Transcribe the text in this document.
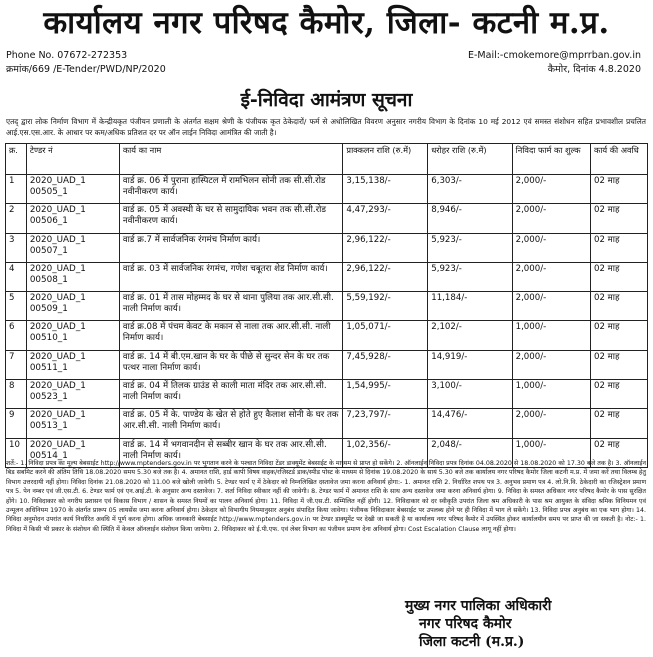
कार्यालय नगर परिषद कैमोर, जिला- कटनी म.प्र.
Phone No. 07672-272353	E-Mail:-cmokemore@mprrban.gov.in
क्रमांक/669 /E-Tender/PWD/NP/2020	कैमोर, दिनांक 4.8.2020
ई-निविदा आमंत्रण सूचना
एतद् द्वारा लोक निर्माण विभाग में केन्द्रीयकृत पंजीयन प्रणाली के अंतर्गत सक्षम श्रेणी के पंजीयक कृत ठेकेदारों/ फर्म से अधोलिखित विवरण अनुसार नगरीय विभाग के दिनांक 10 मई 2012 एवं समस्त संशोधन सहित प्रभावशील प्रचलित आई.एस.एस.आर. के आधार पर कम/अधिक प्रतिशत दर पर ऑन लाईन निविदा आमंत्रित की जाती है।
क्र.	टेण्डर नं	कार्य का नाम	प्राक्कलन राशि (रु.में)	धरोहर राशि (रु.में)	निविदा फार्म का शुल्क	कार्य की अवधि
1	2020_UAD_1 00505_1	वार्ड क्र. 06 में पुराना हास्पिटल में रामभिलन सोनी तक सी.सी.रोड नवीनीकरण कार्य।	3,15,138/-	6,303/-	2,000/-	02 माह
2	2020_UAD_1 00506_1	वार्ड क्र. 05 में अवस्थी के घर से सामुदायिक भवन तक सी.सी.रोड नवीनीकरण कार्य।	4,47,293/-	8,946/-	2,000/-	02 माह
3	2020_UAD_1 00507_1	वार्ड क्र.7 में सार्वजनिक रंगमंच निर्माण कार्य।	2,96,122/-	5,923/-	2,000/-	02 माह
4	2020_UAD_1 00508_1	वार्ड क्र. 03 में सार्वजनिक रंगमंच, गणेश चबूतरा शेड निर्माण कार्य।	2,96,122/-	5,923/-	2,000/-	02 माह
5	2020_UAD_1 00509_1	वार्ड क्र. 01 में तास मोहम्मद के घर से थाना पुलिया तक आर.सी.सी. नाली निर्माण कार्य।	5,59,192/-	11,184/-	2,000/-	02 माह
6	2020_UAD_1 00510_1	वार्ड क्र.08 में पंचम केवट के मकान से नाला तक आर.सी.सी. नाली निर्माण कार्य।	1,05,071/-	2,102/-	1,000/-	02 माह
7	2020_UAD_1 00511_1	वार्ड क्र. 14 में बी.एम.खान के घर के पीछे से सुन्दर सेन के घर तक पत्थर नाला निर्माण कार्य।	7,45,928/-	14,919/-	2,000/-	02 माह
8	2020_UAD_1 00523_1	वार्ड क्र. 04 में तिलक ग्राउंड से काली माता मंदिर तक आर.सी.सी. नाली निर्माण कार्य।	1,54,995/-	3,100/-	1,000/-	02 माह
9	2020_UAD_1 00513_1	वार्ड क्र. 05 में के. पाण्डेय के खेत से होते हुए कैलाश सोनी के घर तक आर.सी.सी. नाली निर्माण कार्य।	7,23,797/-	14,476/-	2,000/-	02 माह
10	2020_UAD_1 00514_1	वार्ड क्र. 14 में भगवानदीन से सब्बीर खान के घर तक आर.सी.सी. नाली निर्माण कार्य।	1,02,356/-	2,048/-	1,000/-	02 माह
शर्ते:- 1. निविदा प्रपत्र का मूल्य बेबसाईट http://www.mptenders.gov.in पर भुगतान करने के पश्चात निविदा टेंडर डाक्यूमेंट बेबसाईट के माध्यम से प्राप्त हो सकेंगे। 2. ऑनलाईन निविदा प्रपत्र दिनांक 04.08.2020 से 18.08.2020 को 17.30 बजे तक है। 3. ऑनलाईन बिड सबमिट करने की अंतिम तिथि 18.08.2020 समय 5.30 बजे तक है। 4. अमानत राशि, हार्ड कापी विषय वाहक/रजिस्टर्ड डाक/स्पीड पोस्ट के माध्यम से दिनांक 19.08.2020 के सायं 5.30 बजे तक कार्यालय नगर परिषद कैमोर जिला कटनी म.प्र. में जमा करें तथा विलम्ब हेतु विभाग उत्तरदायी नहीं होगा। निविदा दिनांक 21.08.2020 को 11.00 बजे खोली जावेगी। 5. टेण्डर फार्म ए में ठेकेदार को निम्नलिखित दस्तावेज जमा करना अनिवार्य होगा:- 1. अमानत राशि 2. निर्धारित शपथ पत्र 3. अनुभव प्रमाण पत्र 4. लो.नि.वि. ठेकेदारी का रजिस्ट्रेशन प्रमाण पत्र 5. पेन नम्बर एवं जी.एस.टी. 6. टेण्डर फार्म एवं एन.आई.टी. के अनुसार अन्य दस्तावेज। 7. शर्ता निविदा स्वीकार नहीं की जावेगी। 8. टेण्डर फार्म में अमानत राशि के साथ अन्य दस्तावेज जमा करना अनिवार्य होगा। 9. निविदा के समस्त अधिकार नगर परिषद कैमोर के पास सुरक्षित होंगे। 10. निविदाकार को नगरीय प्रशासन एवं विकास विभाग / शासन के समस्त नियमों का पालन अनिवार्य होगा। 11. निविदा में जी.एस.टी. सम्मिलित नहीं होगी। 12. निविदाकार को दर स्वीकृति उपरांत जिला श्रम अधिकारी के पास श्रम आयुक्त के संविदा श्रमिक विनियमन एवं उन्मूलन अधिनियम 1970 के अंतर्गत प्रारूप 05 लायसेंस जमा करना अनिवार्य होगा। ठेकेदार को विभागीय नियमानुसार अनुबंध संपादित किया जावेगा। पंजीयक निविदाकार बेबसाईट पर उपलब्ध होने पर ही निविदा में भाग ले सकेंगे। 13. निविदा प्रपत्र अनुबंध का एक भाग होगा। 14. निविदा अनुमोदन उपरांत कार्य निर्धारित अवधि में पूर्ण करना होगा। अधिक जानकारी बेबसाईट http://www.mptenders.gov.in पर टेण्डर डाक्यूमेंट पर देखी जा सकती है या कार्यालय नगर परिषद कैमोर में उपस्थित होकर कार्यालयीन समय पर प्राप्त की जा सकती है। नोट:- 1. निविदा में किसी भी प्रकार के संशोधन की स्थिति में केवल ऑनलाईन संशोधन किया जायेगा। 2. निविदाकार को ई.पी.एफ. एवं लेबर विभाग का पंजीयन प्रमाण देना अनिवार्य होगा। Cost Escalation Clause लागू नहीं होगा।
मुख्य नगर पालिका अधिकारी
नगर परिषद कैमोर
जिला कटनी (म.प्र.)
